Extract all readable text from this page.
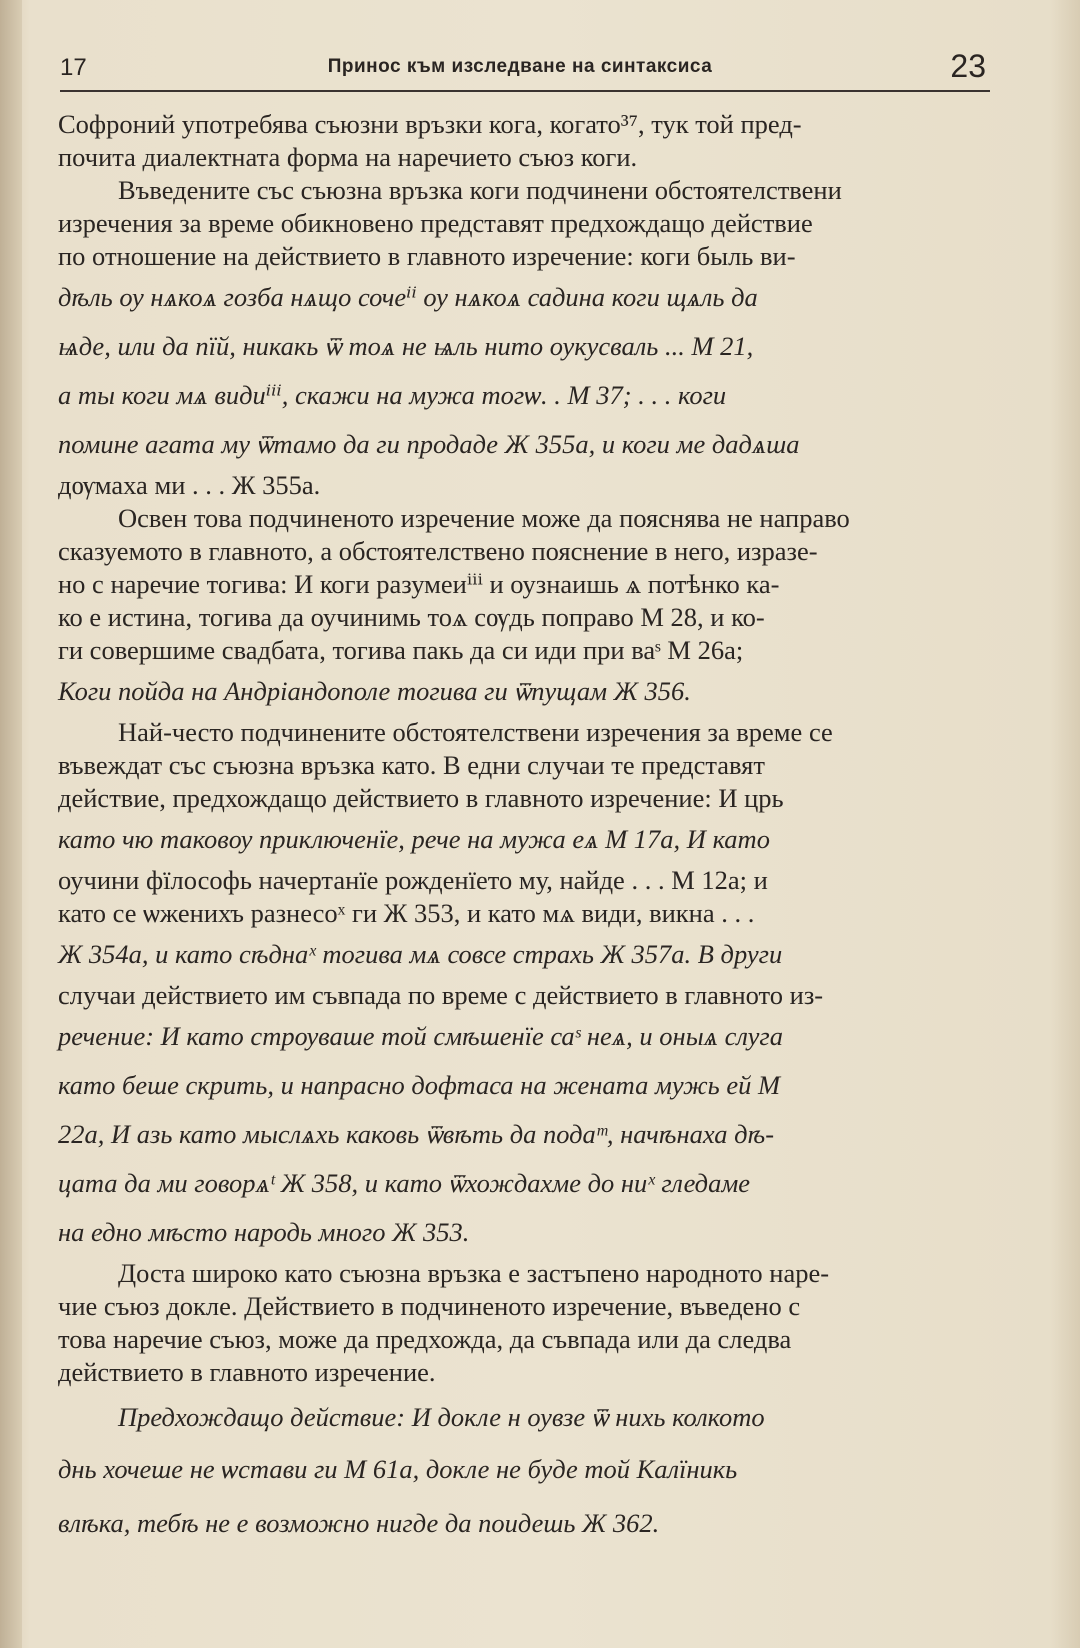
17	Принос към изследване на синтаксиса	23
Софроний употребява съюзни връзки кога, когато³⁷, тук той пред-
почита диалектната форма на наречието съюз коги.
Въведените със съюзна връзка коги подчинени обстоятелствени
изречения за време обикновено представят предхождащо действие
по отношение на действието в главното изречение: коги быль ви-
дѣль оу нѧкоѧ гозба нѧщо сочеⁱⁱ оу нѧкоѧ садина коги щѧль да
ѩде, или да пїй, никакь ѿ тоѧ не ѩль нито оукусваль ... М 21,
а ты коги мѧ видиⁱⁱⁱ, скажи на мужа тогѡ. . М 37; . . . коги
помине агата му ѿтамо да ги продаде Ж 355а, и коги ме дадѧша
дѹмаха ми . . . Ж 355а.
Освен това подчиненото изречение може да пояснява не направо
сказуемото в главното, а обстоятелствено пояснение в него, изразе-
но с наречие тогива: И коги разумеиⁱⁱⁱ и оузнаишь ѧ потѣнко ка-
ко е истина, тогива да оучинимь тоѧ сѹдь поправо М 28, и ко-
ги совершиме свадбата, тогива пакь да си иди при ваˢ М 26а;
Коги пойда на Андріандополе тогива ги ѿпущам Ж 356.
Най-често подчинените обстоятелствени изречения за време се
въвеждат със съюзна връзка като. В едни случаи те представят
действие, предхождащо действието в главното изречение: И црь
като чю таковѹ приключенїе, рече на мужа еѧ М 17а, И като
оучини фїлософь начертанїе рожденїето му, найде . . . М 12а; и
като се ѡженихъ разнесоˣ ги Ж 353, и като мѧ види, викна . . .
Ж 354а, и като сѣднаˣ тогива мѧ совсе страхь Ж 357а. В други
случаи действието им съвпада по време с действието в главното из-
речение: И като стрѹваше той смѣшенїе саˢ неѧ, и оныѧ слуга
като беше скрить, и напрасно дофтаса на жената мужь ей М
22а, И азь като мыслѧхь каковь ѿвѣть да подаᵐ, начѣнаха дѣ-
цата да ми говорѧᵗ Ж 358, и като ѿхождахме до ниˣ гледаме
на едно мѣсто народь много Ж 353.
Доста широко като съюзна връзка е застъпено народното наре-
чие съюз докле. Действието в подчиненото изречение, въведено с
това наречие съюз, може да предхожда, да съвпада или да следва
действието в главното изречение.
Предхождащо действие: И докле н оувзе ѿ нихь колкото
днь хочеше не ѡстави ги М 61а, докле не буде той Калїникь
влѣка, тебѣ не е возможно нигде да поидешь Ж 362.
